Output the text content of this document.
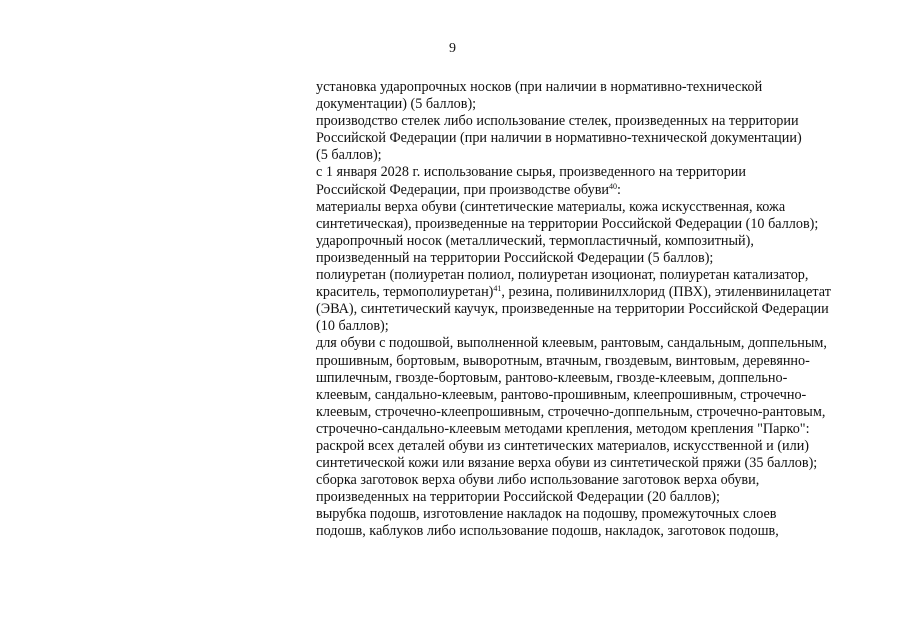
9
установка ударопрочных носков (при наличии в нормативно-технической
документации) (5 баллов);
производство стелек либо использование стелек, произведенных на территории
Российской Федерации (при наличии в нормативно-технической документации)
(5 баллов);
с 1 января 2028 г. использование сырья, произведенного на территории
Российской Федерации, при производстве обуви$^{40}$:
материалы верха обуви (синтетические материалы, кожа искусственная, кожа
синтетическая), произведенные на территории Российской Федерации (10 баллов);
ударопрочный носок (металлический, термопластичный, композитный),
произведенный на территории Российской Федерации (5 баллов);
полиуретан (полиуретан полиол, полиуретан изоционат, полиуретан катализатор,
краситель, термополиуретан)$^{41}$, резина, поливинилхлорид (ПВХ), этиленвинилацетат
(ЭВА), синтетический каучук, произведенные на территории Российской Федерации
(10 баллов);
для обуви с подошвой, выполненной клеевым, рантовым, сандальным, доппельным,
прошивным, бортовым, выворотным, втачным, гвоздевым, винтовым, деревянно-
шпилечным, гвозде-бортовым, рантово-клеевым, гвозде-клеевым, доппельно-
клеевым, сандально-клеевым, рантово-прошивным, клеепрошивным, строчечно-
клеевым, строчечно-клеепрошивным, строчечно-доппельным, строчечно-рантовым,
строчечно-сандально-клеевым методами крепления, методом крепления "Парко":
раскрой всех деталей обуви из синтетических материалов, искусственной и (или)
синтетической кожи или вязание верха обуви из синтетической пряжи (35 баллов);
сборка заготовок верха обуви либо использование заготовок верха обуви,
произведенных на территории Российской Федерации (20 баллов);
вырубка подошв, изготовление накладок на подошву, промежуточных слоев
подошв, каблуков либо использование подошв, накладок, заготовок подошв,
